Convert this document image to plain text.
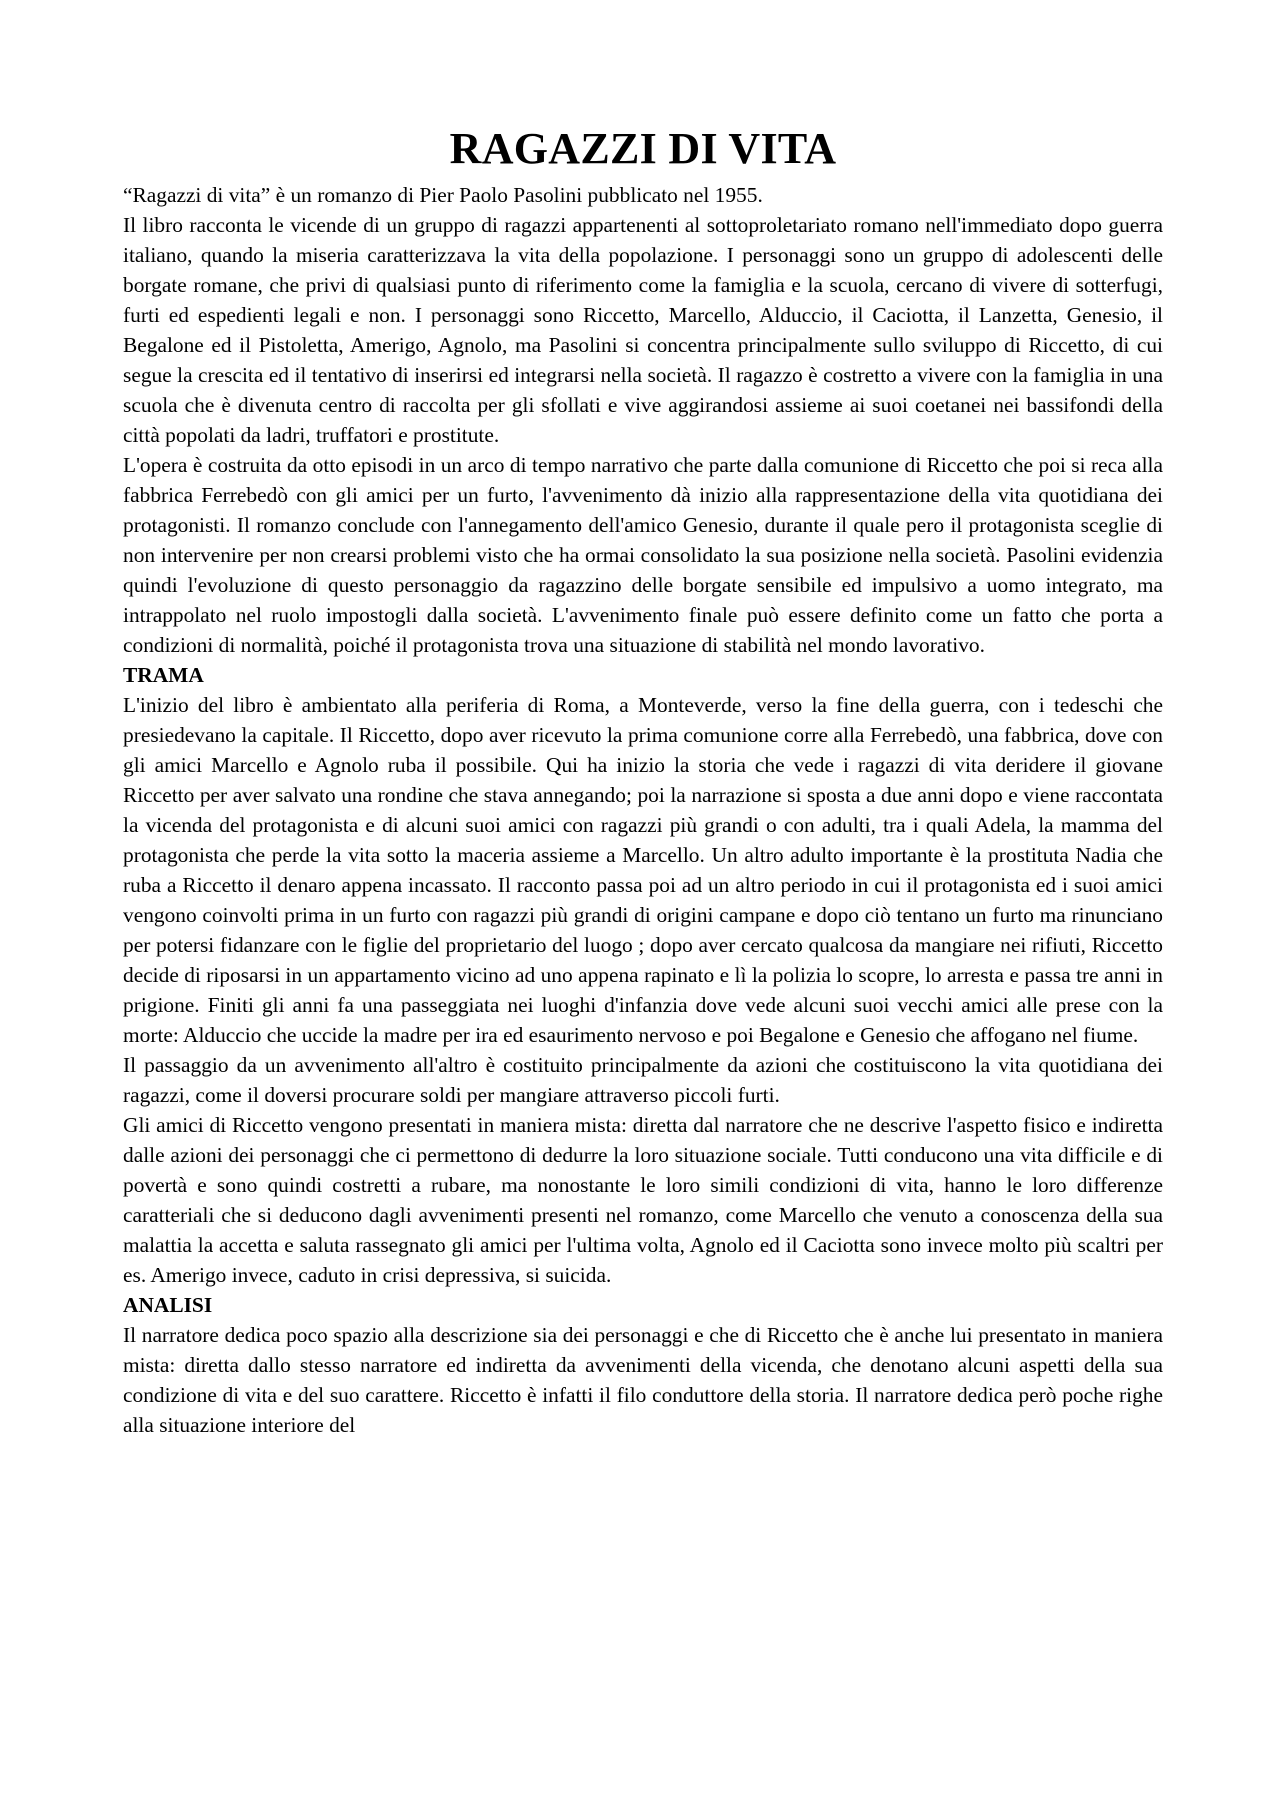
RAGAZZI DI VITA

“Ragazzi di vita” è un romanzo di Pier Paolo Pasolini pubblicato nel 1955.

Il libro racconta le vicende di un gruppo di ragazzi appartenenti al sottoproletariato romano nell'immediato dopo guerra italiano, quando la miseria caratterizzava la vita della popolazione. I personaggi sono un gruppo di adolescenti delle borgate romane, che privi di qualsiasi punto di riferimento come la famiglia e la scuola, cercano di vivere di sotterfugi, furti ed espedienti legali e non. I personaggi sono Riccetto, Marcello, Alduccio, il Caciotta, il Lanzetta, Genesio, il Begalone ed il Pistoletta, Amerigo, Agnolo, ma Pasolini si concentra principalmente sullo sviluppo di Riccetto, di cui segue la crescita ed il tentativo di inserirsi ed integrarsi nella società. Il ragazzo è costretto a vivere con la famiglia in una scuola che è divenuta centro di raccolta per gli sfollati e vive aggirandosi assieme ai suoi coetanei nei bassifondi della città popolati da ladri, truffatori e prostitute.

L'opera è costruita da otto episodi in un arco di tempo narrativo che parte dalla comunione di Riccetto che poi si reca alla fabbrica Ferrebedò con gli amici per un furto, l'avvenimento dà inizio alla rappresentazione della vita quotidiana dei protagonisti. Il romanzo conclude con l'annegamento dell'amico Genesio, durante il quale pero il protagonista sceglie di non intervenire per non crearsi problemi visto che ha ormai consolidato la sua posizione nella società. Pasolini evidenzia quindi l'evoluzione di questo personaggio da ragazzino delle borgate sensibile ed impulsivo a uomo integrato, ma intrappolato nel ruolo impostogli dalla società. L'avvenimento finale può essere definito come un fatto che porta a condizioni di normalità, poiché il protagonista trova una situazione di stabilità nel mondo lavorativo.

TRAMA

L'inizio del libro è ambientato alla periferia di Roma, a Monteverde, verso la fine della guerra, con i tedeschi che presiedevano la capitale. Il Riccetto, dopo aver ricevuto la prima comunione corre alla Ferrebedò, una fabbrica, dove con gli amici Marcello e Agnolo ruba il possibile. Qui ha inizio la storia che vede i ragazzi di vita deridere il giovane Riccetto per aver salvato una rondine che stava annegando; poi la narrazione si sposta a due anni dopo e viene raccontata la vicenda del protagonista e di alcuni suoi amici con ragazzi più grandi o con adulti, tra i quali Adela, la mamma del protagonista che perde la vita sotto la maceria assieme a Marcello. Un altro adulto importante è la prostituta Nadia che ruba a Riccetto il denaro appena incassato. Il racconto passa poi ad un altro periodo in cui il protagonista ed i suoi amici vengono coinvolti prima in un furto con ragazzi più grandi di origini campane e dopo ciò tentano un furto ma rinunciano per potersi fidanzare con le figlie del proprietario del luogo ; dopo aver cercato qualcosa da mangiare nei rifiuti, Riccetto decide di riposarsi in un appartamento vicino ad uno appena rapinato e lì la polizia lo scopre, lo arresta e passa tre anni in prigione. Finiti gli anni fa una passeggiata nei luoghi d'infanzia dove vede alcuni suoi vecchi amici alle prese con la morte: Alduccio che uccide la madre per ira ed esaurimento nervoso e poi Begalone e Genesio che affogano nel fiume.

Il passaggio da un avvenimento all'altro è costituito principalmente da azioni che costituiscono la vita quotidiana dei ragazzi, come il doversi procurare soldi per mangiare attraverso piccoli furti.

Gli amici di Riccetto vengono presentati in maniera mista: diretta dal narratore che ne descrive l'aspetto fisico e indiretta dalle azioni dei personaggi che ci permettono di dedurre la loro situazione sociale. Tutti conducono una vita difficile e di povertà e sono quindi costretti a rubare, ma nonostante le loro simili condizioni di vita, hanno le loro differenze caratteriali che si deducono dagli avvenimenti presenti nel romanzo, come Marcello che venuto a conoscenza della sua malattia la accetta e saluta rassegnato gli amici per l'ultima volta, Agnolo ed il Caciotta sono invece molto più scaltri per es. Amerigo invece, caduto in crisi depressiva, si suicida.

ANALISI

Il narratore dedica poco spazio alla descrizione sia dei personaggi e che di Riccetto che è anche lui presentato in maniera mista: diretta dallo stesso narratore ed indiretta da avvenimenti della vicenda, che denotano alcuni aspetti della sua condizione di vita e del suo carattere. Riccetto è infatti il filo conduttore della storia. Il narratore dedica però poche righe alla situazione interiore del
